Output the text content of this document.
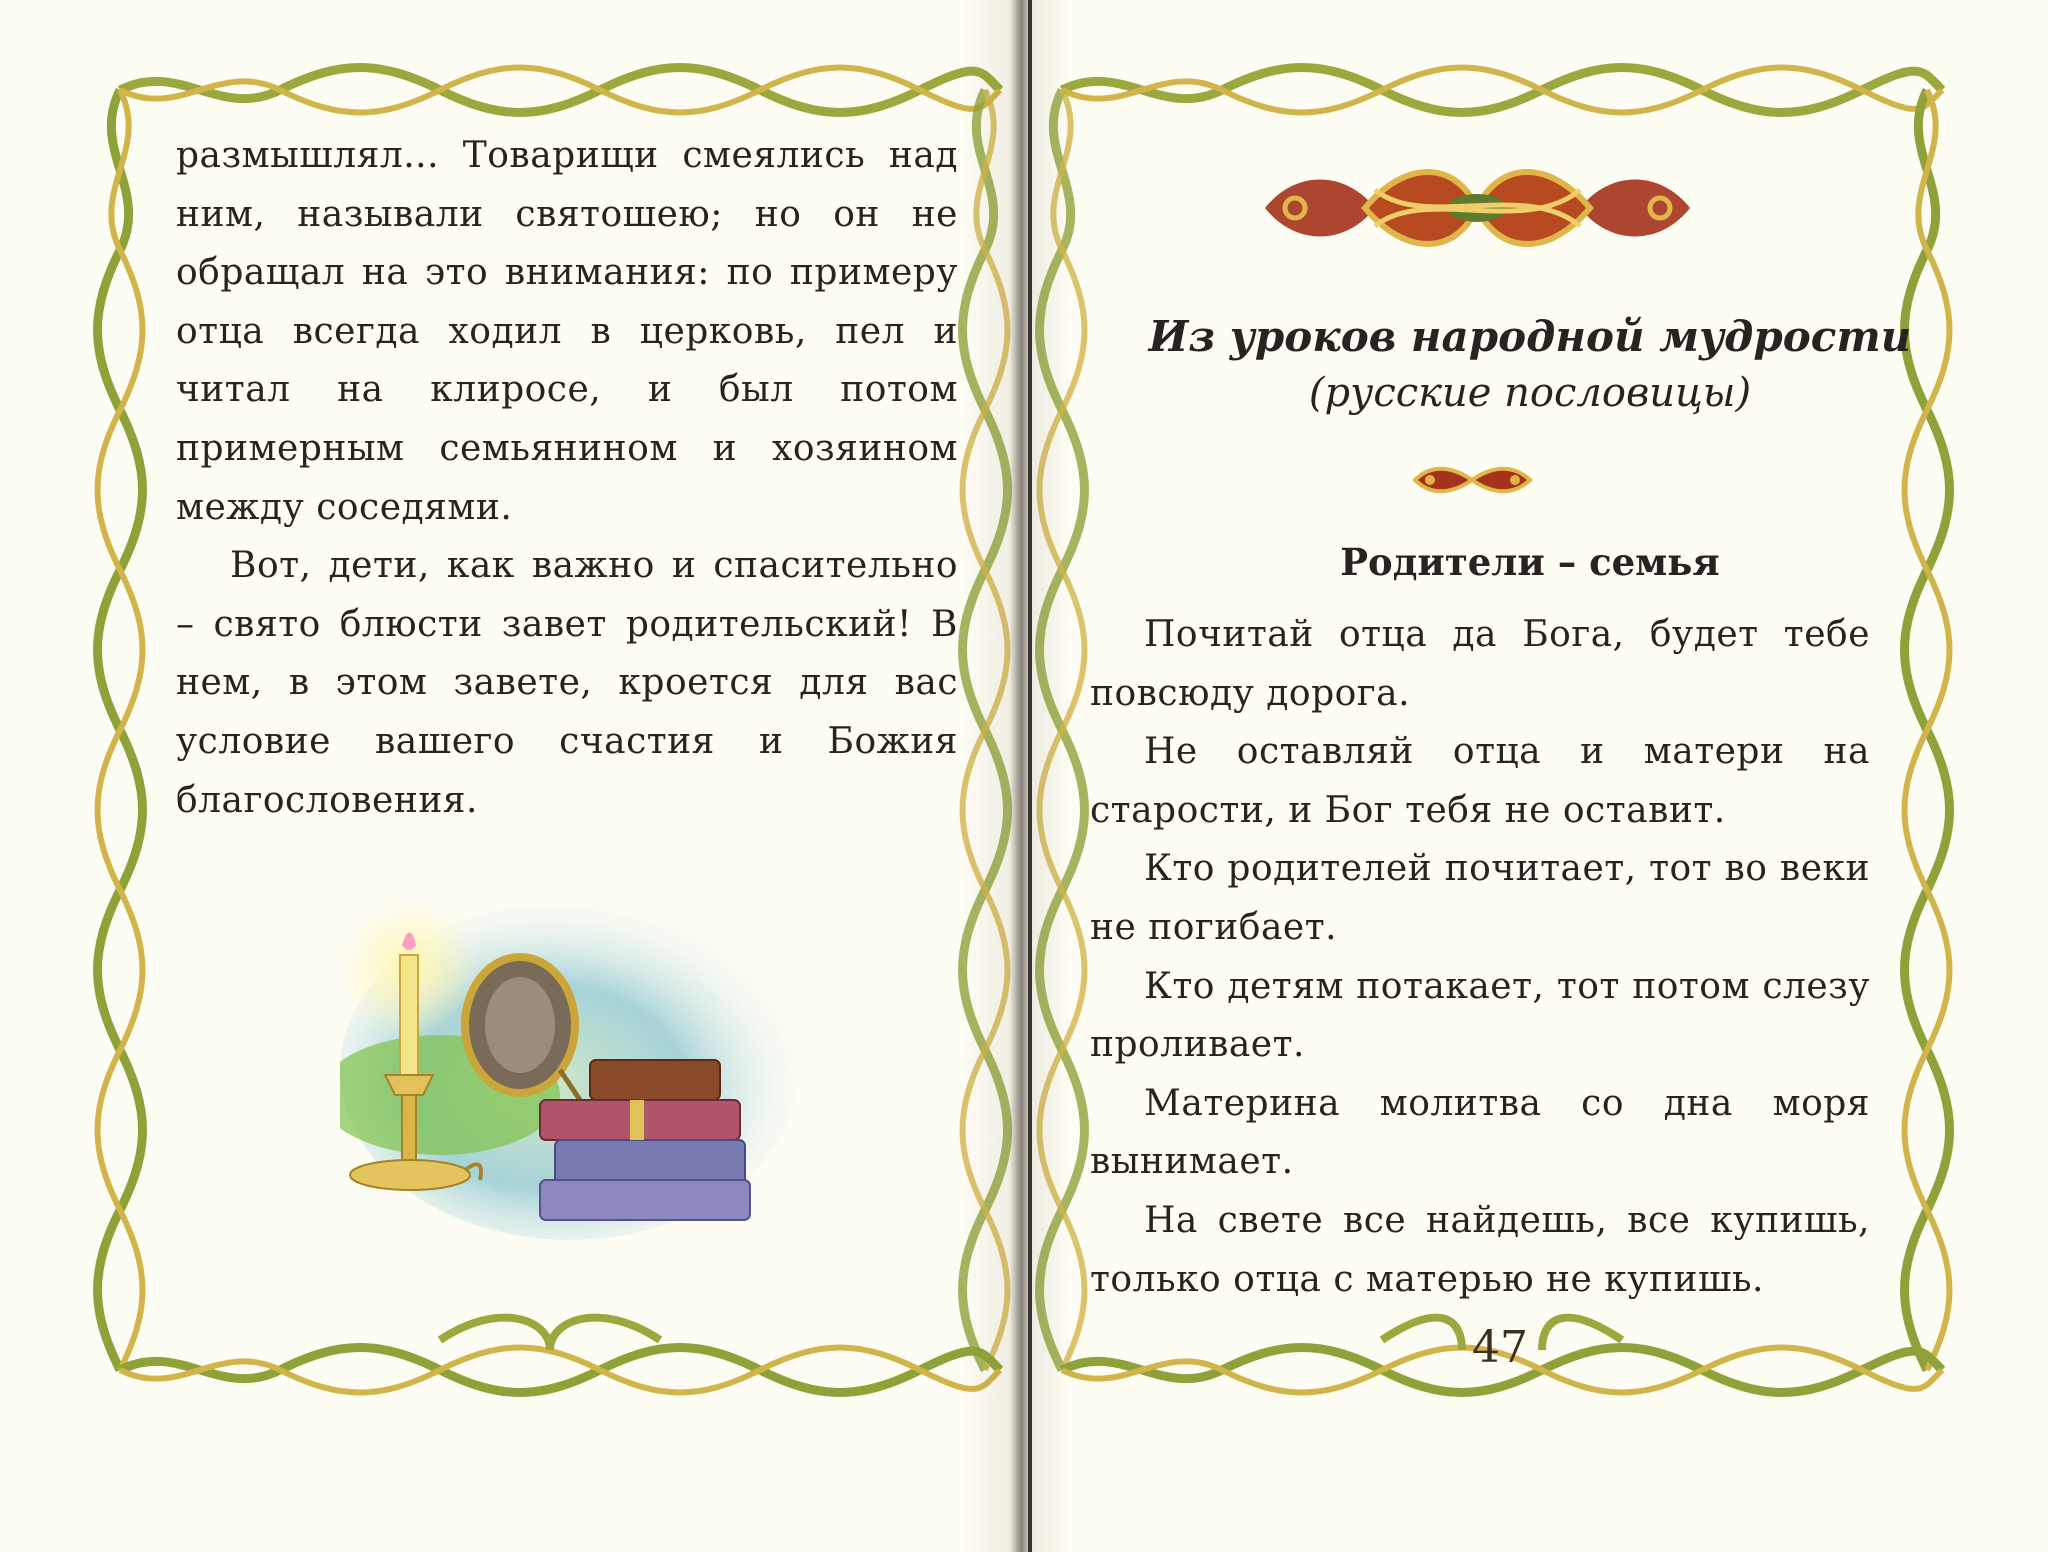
размышлял... Товарищи смеялись над ним, называли святошею; но он не обращал на это внимания: по примеру отца всегда ходил в церковь, пел и читал на клиросе, и был потом примерным семьянином и хозяином между соседями.

Вот, дети, как важно и спасительно – свято блюсти завет родительский! В нем, в этом завете, кроется для вас условие вашего счастия и Божия благословения.

Из уроков народной мудрости
(русские пословицы)
Родители – семья

Почитай отца да Бога, будет тебе повсюду дорога.

Не оставляй отца и матери на старости, и Бог тебя не оставит.

Кто родителей почитает, тот во веки не погибает.

Кто детям потакает, тот потом слезу проливает.

Материна молитва со дна моря вынимает.

На свете все найдешь, все купишь, только отца с матерью не купишь.

47
